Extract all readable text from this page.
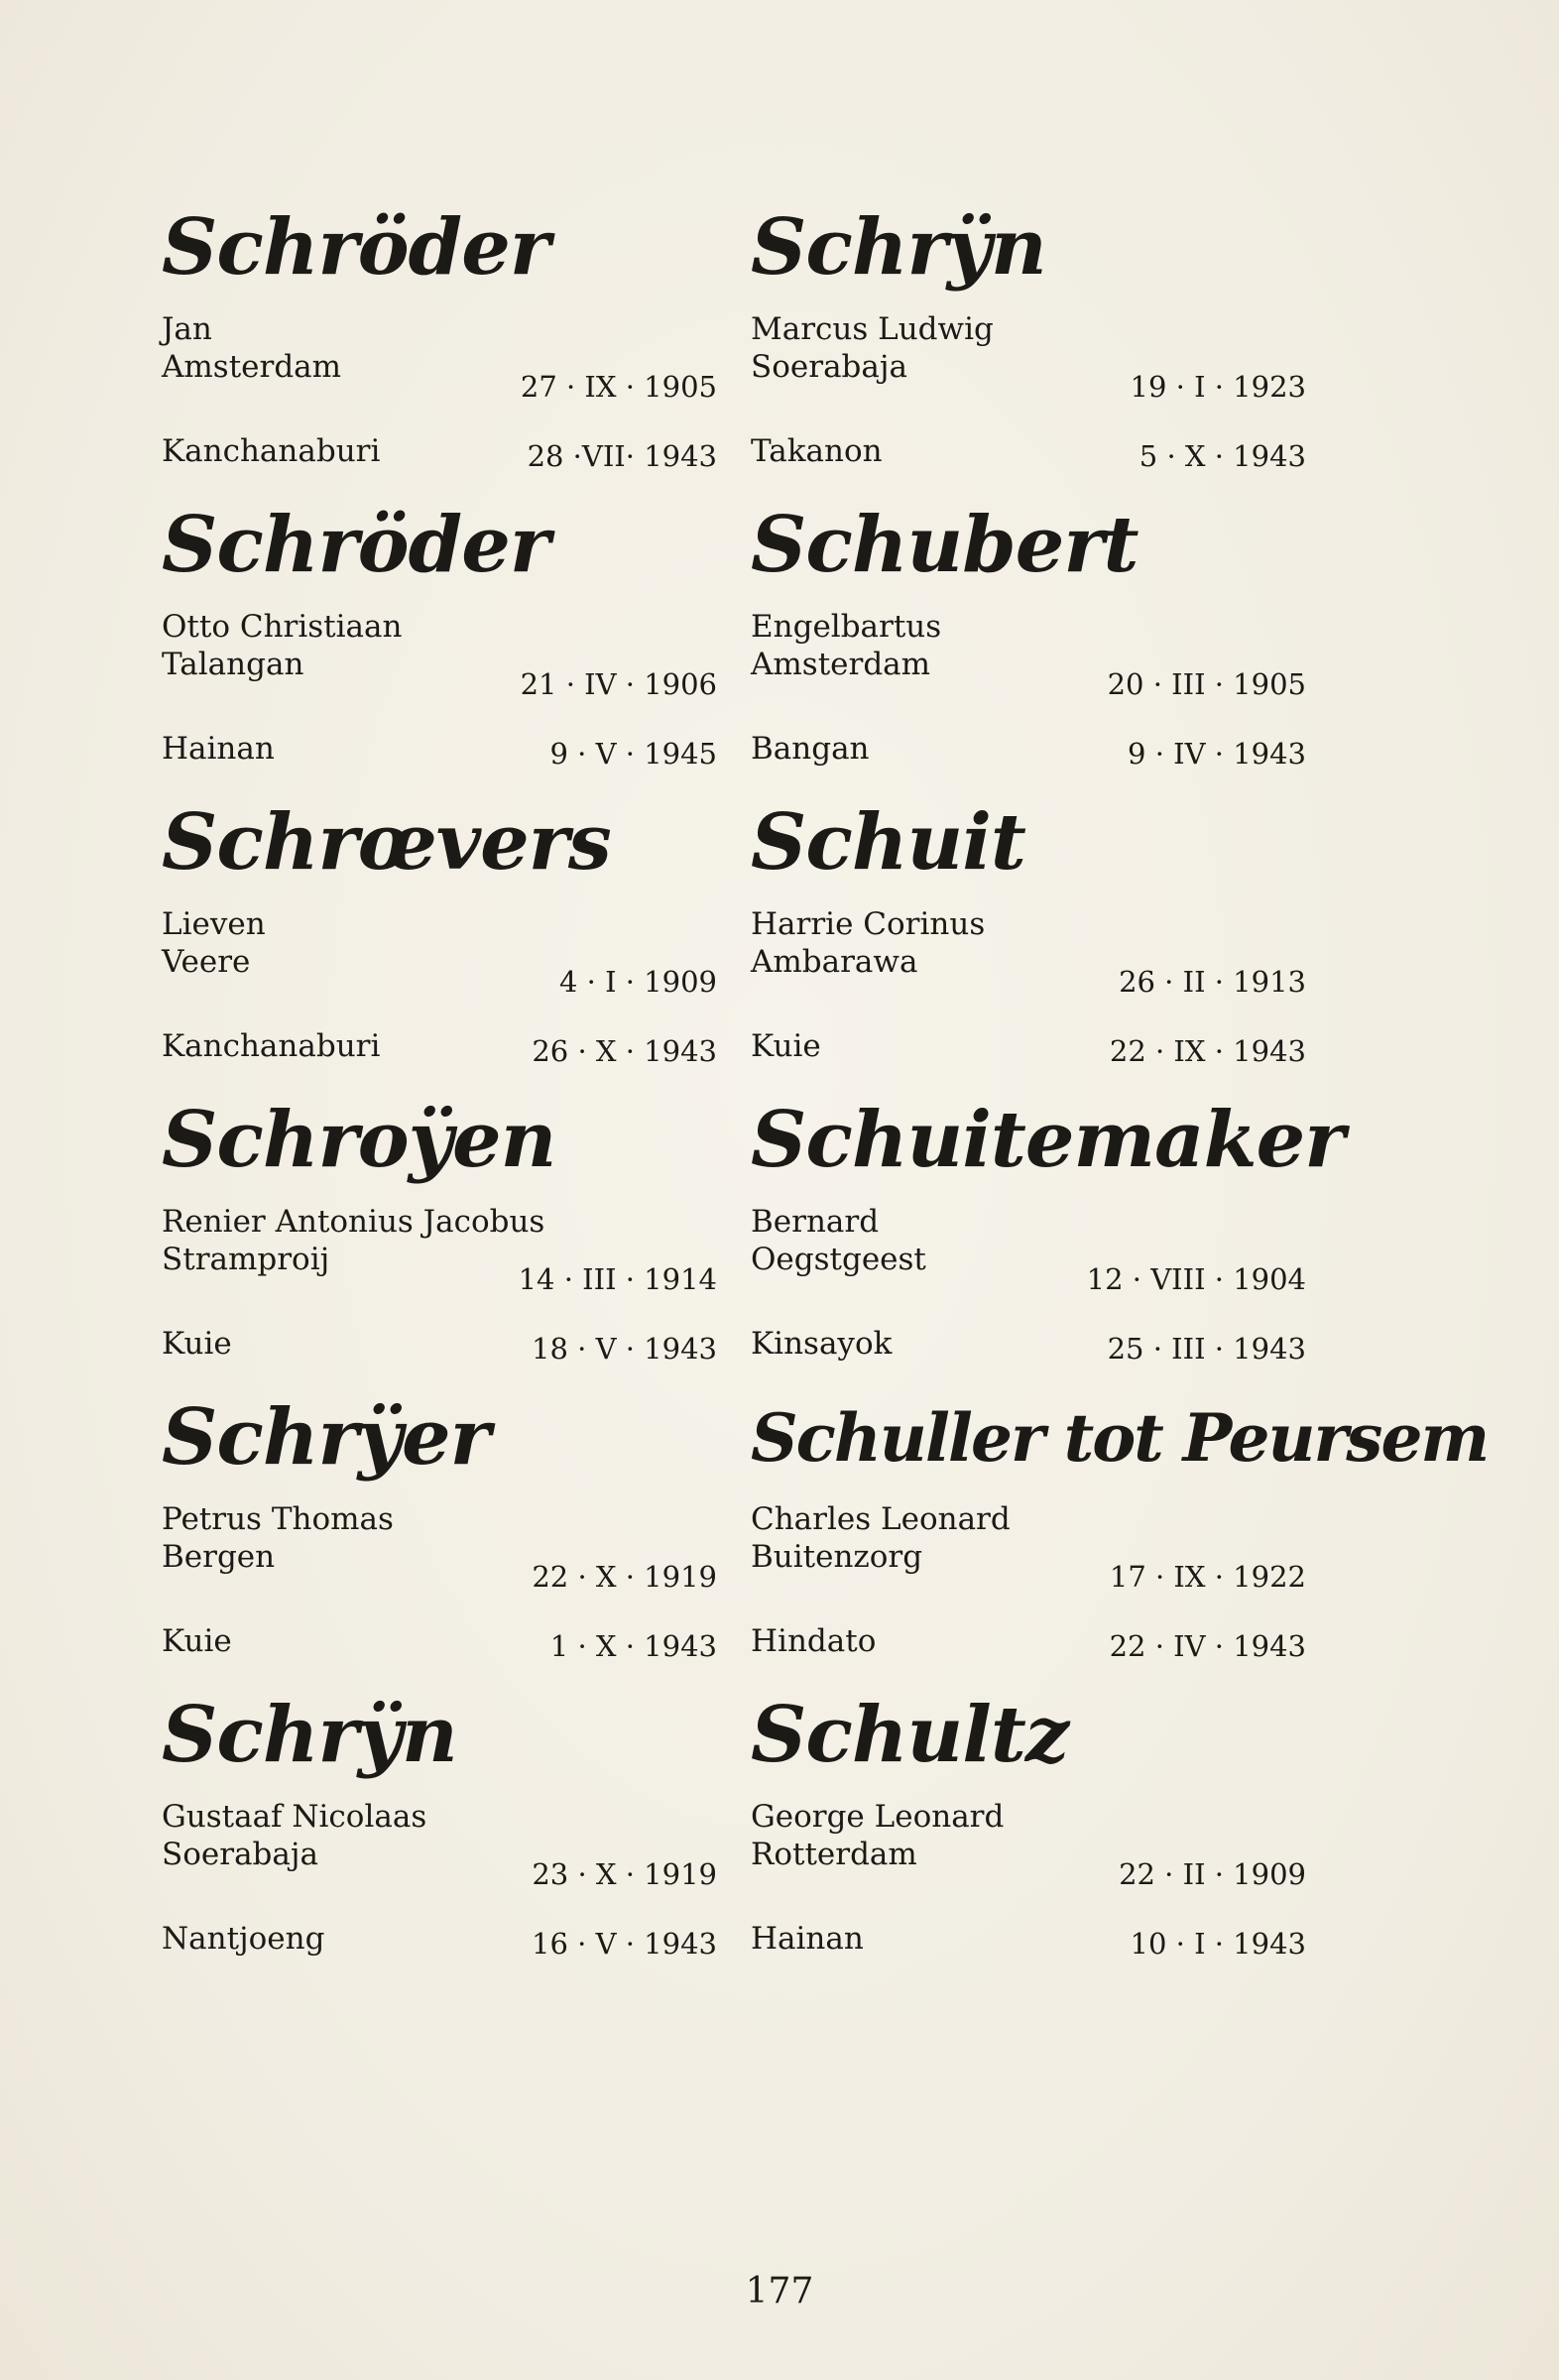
Schröder
Jan
Amsterdam
27 · IX · 1905
Kanchanaburi	28 ·VII· 1943
Schröder
Otto Christiaan
Talangan
21 · IV · 1906
Hainan	9 · V · 1945
Schrœvers
Lieven
Veere
4 · I · 1909
Kanchanaburi	26 · X · 1943
Schroÿen
Renier Antonius Jacobus
Stramproij
14 · III · 1914
Kuie	18 · V · 1943
Schrÿer
Petrus Thomas
Bergen
22 · X · 1919
Kuie	1 · X · 1943
Schrÿn
Gustaaf Nicolaas
Soerabaja
23 · X · 1919
Nantjoeng	16 · V · 1943
Schrÿn
Marcus Ludwig
Soerabaja
19 · I · 1923
Takanon	5 · X · 1943
Schubert
Engelbartus
Amsterdam
20 · III · 1905
Bangan	9 · IV · 1943
Schuit
Harrie Corinus
Ambarawa
26 · II · 1913
Kuie	22 · IX · 1943
Schuitemaker
Bernard
Oegstgeest
12 · VIII · 1904
Kinsayok	25 · III · 1943
Schuller tot Peursem
Charles Leonard
Buitenzorg
17 · IX · 1922
Hindato	22 · IV · 1943
Schultz
George Leonard
Rotterdam
22 · II · 1909
Hainan	10 · I · 1943
177
